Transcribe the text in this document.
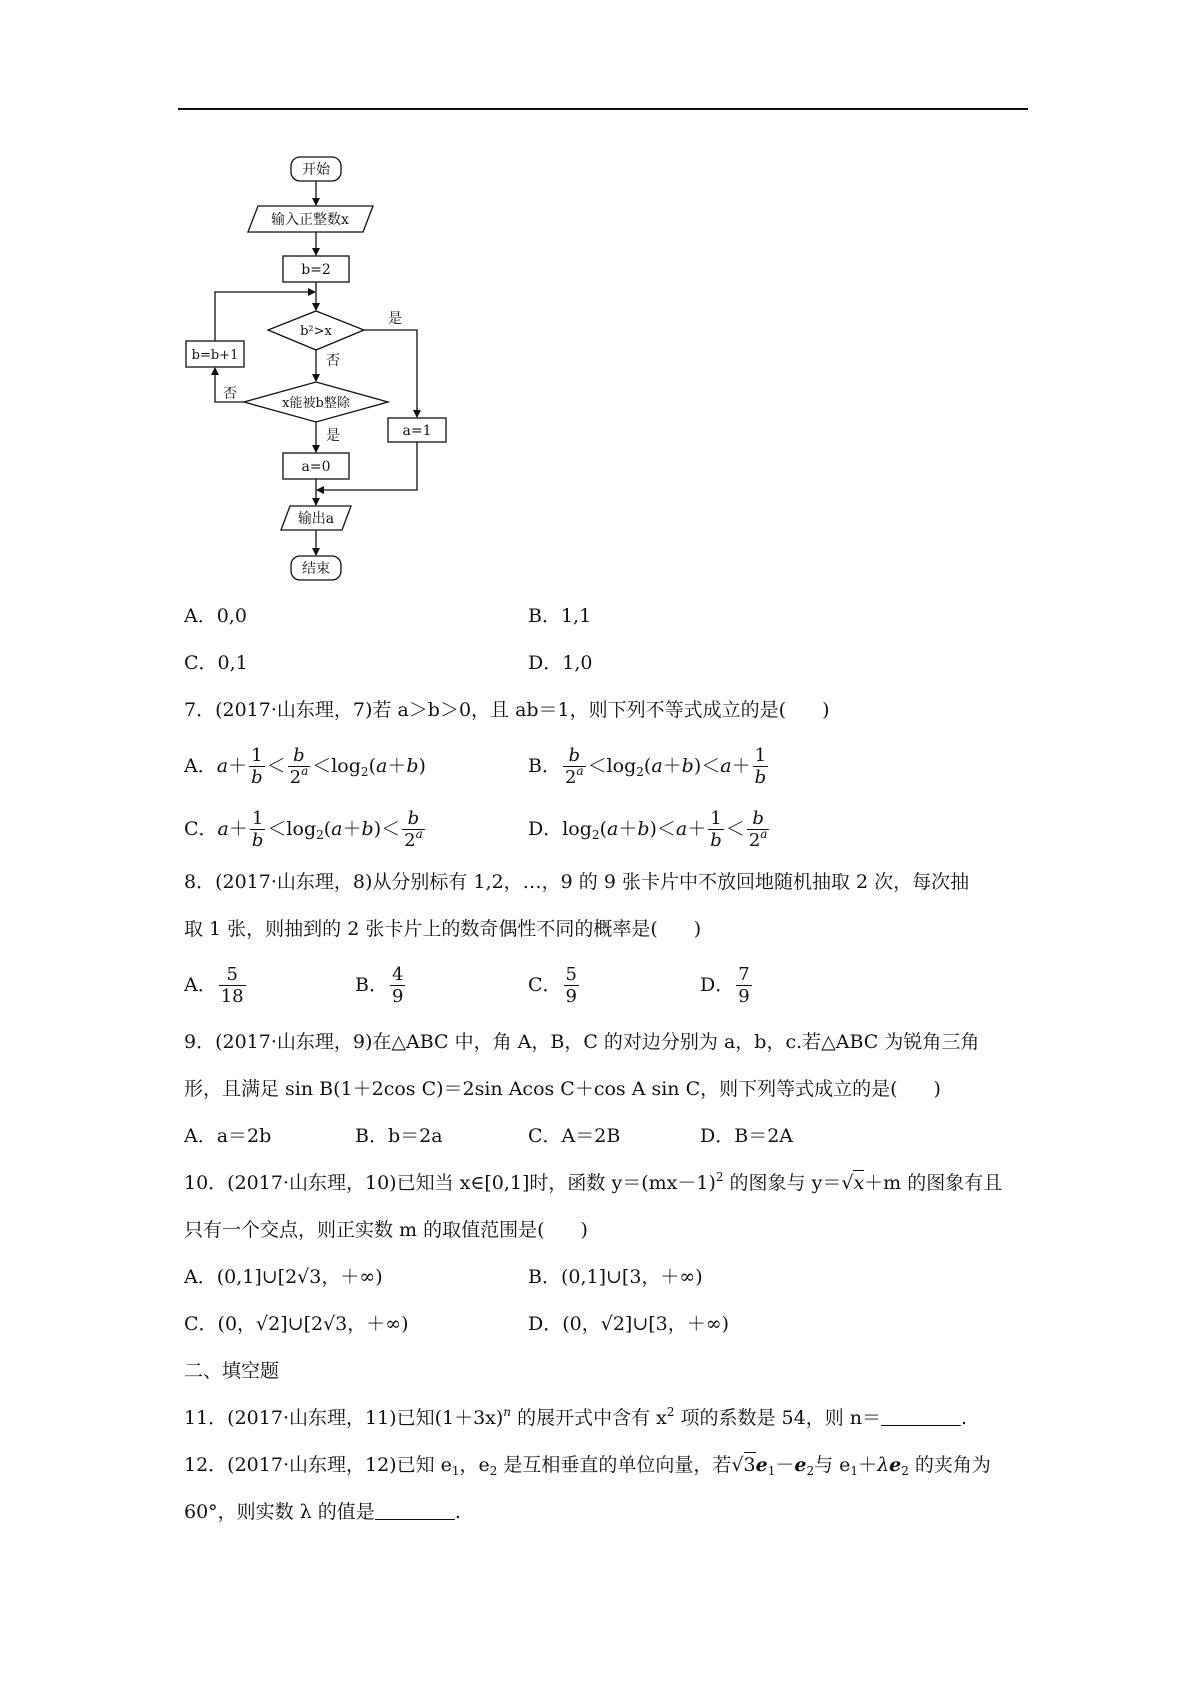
开始
输入正整数x
b=2
b²>x
是
否
b=b+1
x能被b整除
否
是	a=1
a=0
输出a
结束
A．0,0	B．1,1
C．0,1	D．1,0
7．(2017·山东理，7)若 a＞b＞0，且 ab＝1，则下列不等式成立的是( )
A．$a+ \frac{1}{b} < \frac{b}{2^a} <\log_2(a+b)$	B． $\frac{b}{2^a} <\log_2(a+b)<a+ \frac{1}{b}$
C．$a+ \frac{1}{b} <\log_2(a+b)< \frac{b}{2^a}$	D．$\log_2(a+b)<a+ \frac{1}{b} < \frac{b}{2^a}$
8．(2017·山东理，8)从分别标有 1,2，…，9 的 9 张卡片中不放回地随机抽取 2 次，每次抽
取 1 张，则抽到的 2 张卡片上的数奇偶性不同的概率是( )
A． $\frac{5}{18}$	B． $\frac{4}{9}$	C． $\frac{5}{9}$	D． $\frac{7}{9}$
9．(2017·山东理，9)在△ABC 中，角 A，B，C 的对边分别为 a，b，c.若△ABC 为锐角三角
形，且满足 sin B(1＋2cos C)＝2sin Acos C＋cos A sin C，则下列等式成立的是( )
A．a＝2b	B．b＝2a	C．A＝2B	D．B＝2A
10．(2017·山东理，10)已知当 x∈[0,1]时，函数 $y=(mx-1)^2$ 的图象与 y＝√x＋m 的图象有且
只有一个交点，则正实数 m 的取值范围是( )
A．(0,1]∪[2√3，＋∞)	B．(0,1]∪[3，＋∞)
C．(0，√2]∪[2√3，＋∞)	D．(0，√2]∪[3，＋∞)
二、填空题
11．(2017·山东理，11)已知$(1+3x)^n$ 的展开式中含有 $x^2$ 项的系数是 54，则 n＝	.
12．(2017·山东理，12)已知 $e_1$，$e_2$ 是互相垂直的单位向量，若$√3e_1-e_2$与 $e_1+\lambda e_2$ 的夹角为
60°，则实数 λ 的值是	.
